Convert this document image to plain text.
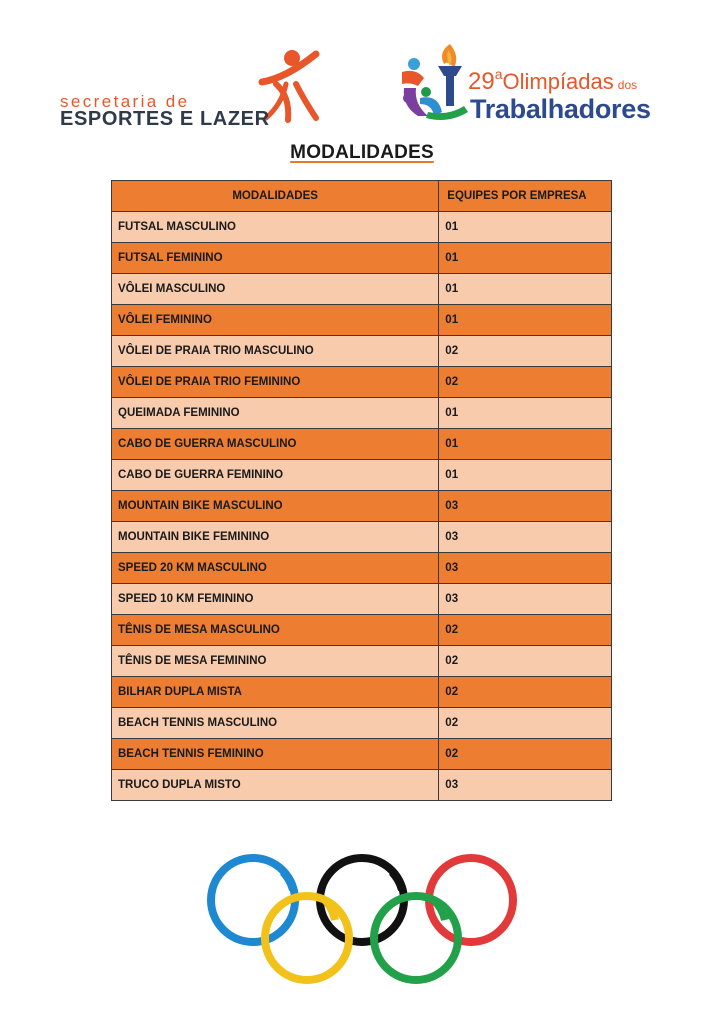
secretaria de
ESPORTES E LAZER
29$^a$Olimpíadas dos
Trabalhadores
MODALIDADES
MODALIDADES	EQUIPES POR EMPRESA
FUTSAL MASCULINO	01
FUTSAL FEMININO	01
VÔLEI MASCULINO	01
VÔLEI FEMININO	01
VÔLEI DE PRAIA TRIO MASCULINO	02
VÔLEI DE PRAIA TRIO FEMININO	02
QUEIMADA FEMININO	01
CABO DE GUERRA MASCULINO	01
CABO DE GUERRA FEMININO	01
MOUNTAIN BIKE MASCULINO	03
MOUNTAIN BIKE FEMININO	03
SPEED 20 KM MASCULINO	03
SPEED 10 KM FEMININO	03
TÊNIS DE MESA MASCULINO	02
TÊNIS DE MESA FEMININO	02
BILHAR DUPLA MISTA	02
BEACH TENNIS MASCULINO	02
BEACH TENNIS FEMININO	02
TRUCO DUPLA MISTO	03
